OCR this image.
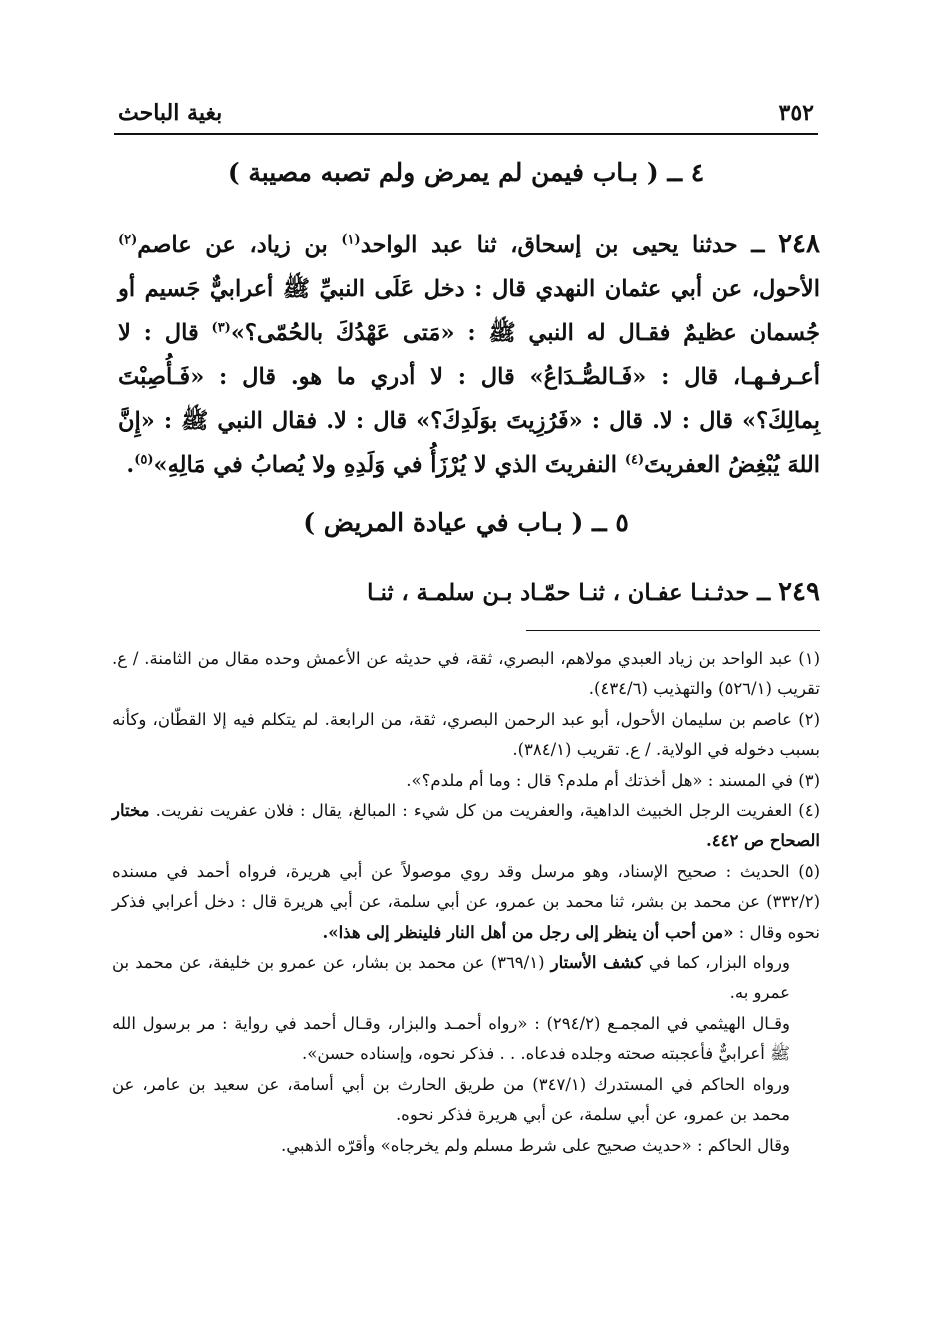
٣٥٢
بغية الباحث
٤ ــ ( بـاب فيمن لم يمرض ولم تصبه مصيبة )
٢٤٨ ــ حدثنا يحيى بن إسحاق، ثنا عبد الواحد$^{(١)}$ بن زياد، عن عاصم$^{(٢)}$ الأحول، عن أبي عثمان النهدي قال : دخل عَلَى النبيِّ ﷺ أعرابيٌّ جَسيم أو جُسمان عظيمٌ فقـال له النبي ﷺ : «مَتى عَهْدُكَ بالحُمّى؟»$^{(٣)}$ قال : لا أعـرفـهـا، قال : «فَـالصُّـدَاعُ» قال : لا أدري ما هو. قال : «فَـأُصِبْتَ بِمالِكَ؟» قال : لا. قال : «فَرُزِيتَ بوَلَدِكَ؟» قال : لا. فقال النبي ﷺ : «إِنَّ اللهَ يُبْغِضُ العفريتَ$^{(٤)}$ النفريتَ الذي لا يُرْزَأُ في وَلَدِهِ ولا يُصابُ في مَالِهِ»$^{(٥)}$.
٥ ــ ( بـاب في عيادة المريض )
٢٤٩ ــ حدثـنـا عفـان ، ثنـا حمّـاد بـن سلمـة ، ثنـا

(١) عبد الواحد بن زياد العبدي مولاهم، البصري، ثقة، في حديثه عن الأعمش وحده مقال من الثامنة. / ع. تقريب (٥٢٦/١) والتهذيب (٤٣٤/٦).

(٢) عاصم بن سليمان الأحول، أبو عبد الرحمن البصري، ثقة، من الرابعة. لم يتكلم فيه إلا القطّان، وكأنه بسبب دخوله في الولاية. / ع. تقريب (٣٨٤/١).

(٣) في المسند : «هل أخذتك أم ملدم؟ قال : وما أم ملدم؟».

(٤) العفريت الرجل الخبيث الداهية، والعفريت من كل شيء : المبالغ، يقال : فلان عفريت نفريت. مختار الصحاح ص ٤٤٢.

(٥) الحديث : صحيح الإسناد، وهو مرسل وقد روي موصولاً عن أبي هريرة، فرواه أحمد في مسنده (٣٣٢/٢) عن محمد بن بشر، ثنا محمد بن عمرو، عن أبي سلمة، عن أبي هريرة قال : دخل أعرابي فذكر نحوه وقال : «من أحب أن ينظر إلى رجل من أهل النار فلينظر إلى هذا».

ورواه البزار، كما في كشف الأستار (٣٦٩/١) عن محمد بن بشار، عن عمرو بن خليفة، عن محمد بن عمرو به.

وقـال الهيثمي في المجمـع (٢٩٤/٢) : «رواه أحمـد والبزار، وقـال أحمد في رواية : مر برسول الله ﷺ أعرابيٌّ فأعجبته صحته وجلده فدعاه. . . فذكر نحوه، وإسناده حسن».

ورواه الحاكم في المستدرك (٣٤٧/١) من طريق الحارث بن أبي أسامة، عن سعيد بن عامر، عن محمد بن عمرو، عن أبي سلمة، عن أبي هريرة فذكر نحوه.

وقال الحاكم : «حديث صحيح على شرط مسلم ولم يخرجاه» وأقرّه الذهبي.
